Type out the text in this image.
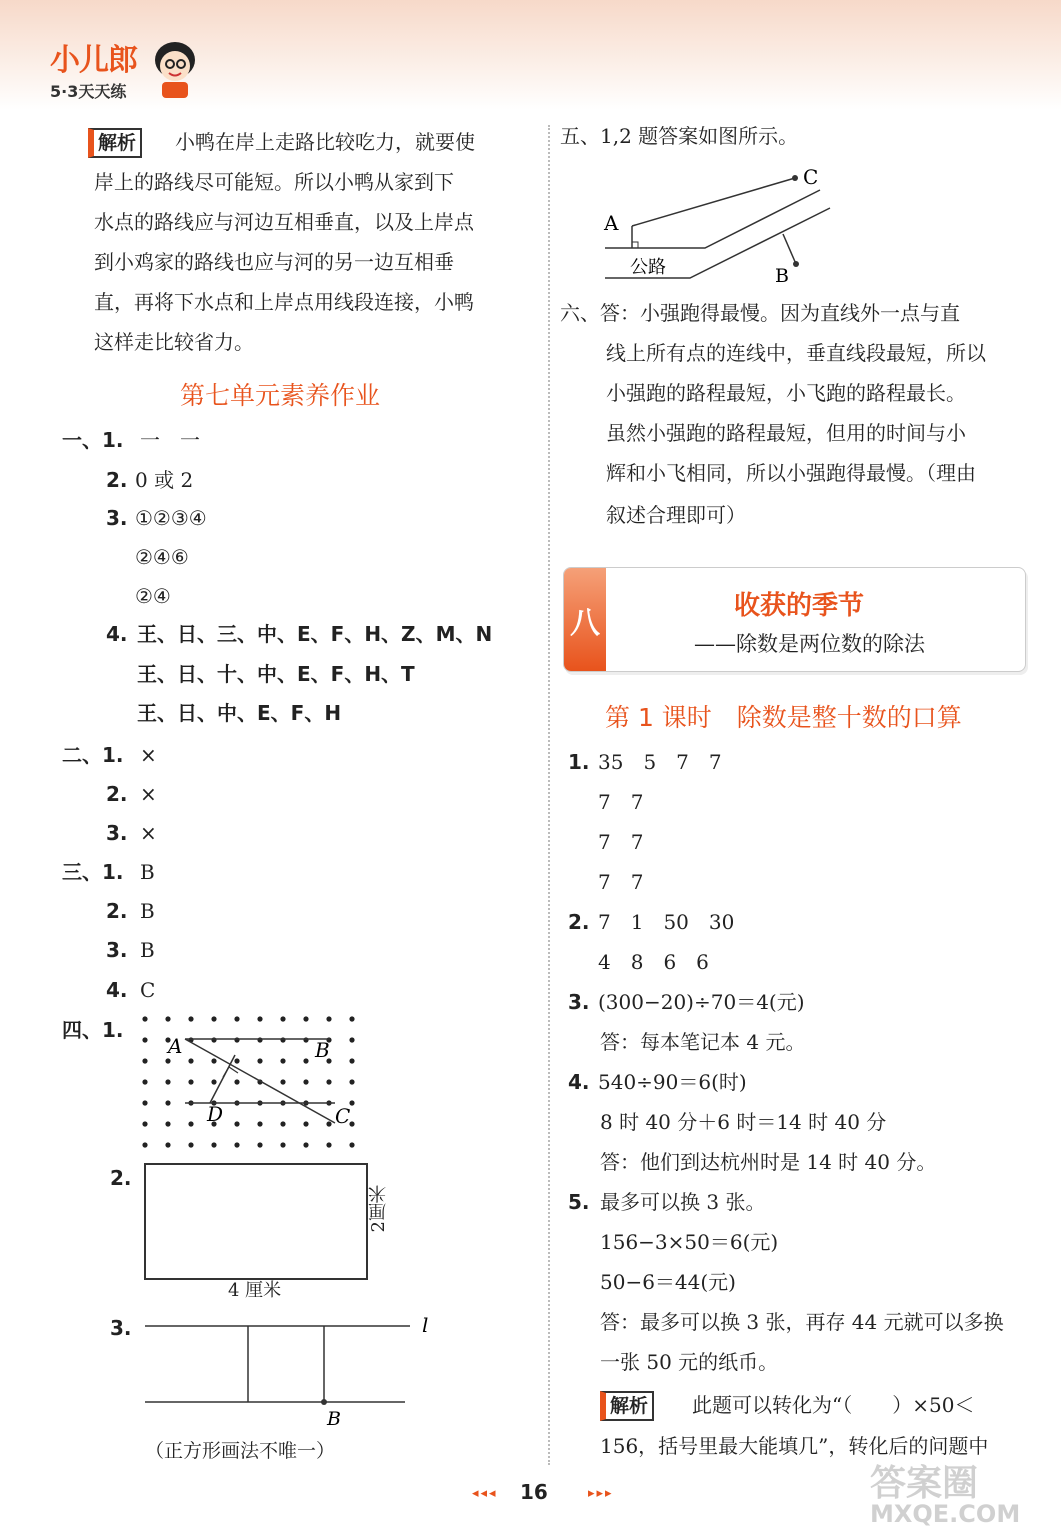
小儿郎
5·3天天练
解析	小鸭在岸上走路比较吃力，就要使
岸上的路线尽可能短。所以小鸭从家到下
水点的路线应与河边互相垂直，以及上岸点
到小鸡家的路线也应与河的另一边互相垂
直，再将下水点和上岸点用线段连接，小鸭
这样走比较省力。
第七单元素养作业
一、1. 一　一
2. 0 或 2
3. ①②③④
②④⑥
②④
4. 王、日、三、中、E、F、H、Z、M、N
王、日、十、中、E、F、H、T
王、日、中、E、F、H
二、1. ×
2. ×
3. ×
三、1. B
2. B
3. B
4. C
四、1.
A	B
C
D
2.
4 厘米
2厘米
3.	l
B
（正方形画法不唯一）
五、1,2 题答案如图所示。
A
C
B
公路
六、答：小强跑得最慢。因为直线外一点与直
线上所有点的连线中，垂直线段最短，所以
小强跑的路程最短，小飞跑的路程最长。
虽然小强跑的路程最短，但用的时间与小
辉和小飞相同，所以小强跑得最慢。（理由
叙述合理即可）
八	收获的季节
——除数是两位数的除法
第 1 课时　除数是整十数的口算
1. 35　5　7　7
7　7
7　7
7　7
2. 7　1　50　30
4　8　6　6
3. (300−20)÷70＝4(元)
答：每本笔记本 4 元。
4. 540÷90＝6(时)
8 时 40 分＋6 时＝14 时 40 分
答：他们到达杭州时是 14 时 40 分。
5. 最多可以换 3 张。
156−3×50＝6(元)
50−6＝44(元)
答：最多可以换 3 张，再存 44 元就可以多换
一张 50 元的纸币。
解析	此题可以转化为“（　　）×50＜
156，括号里最大能填几”，转化后的问题中
◂◂◂ 16	▸▸▸	答案圈
MXQE.COM
